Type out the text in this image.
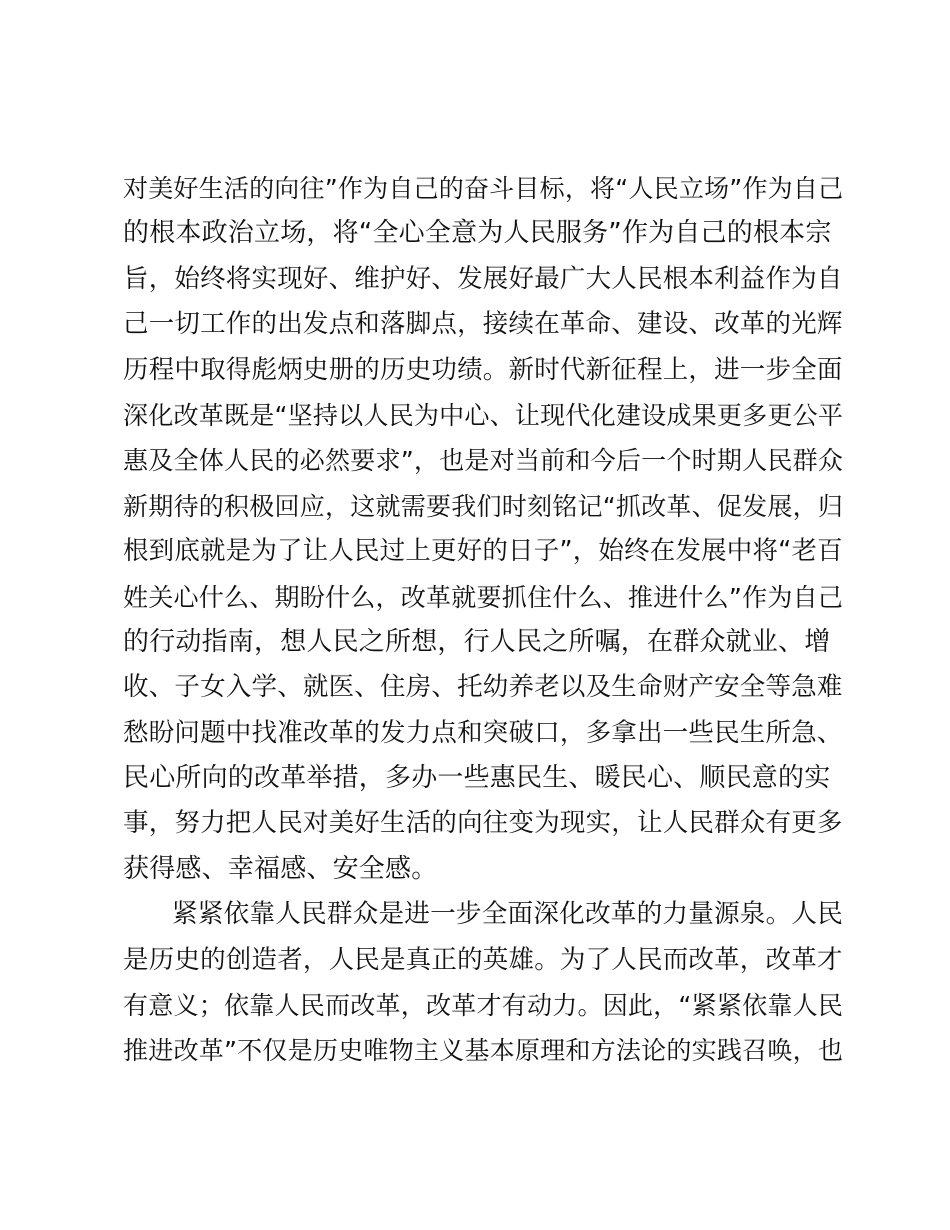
对美好生活的向往”作为自己的奋斗目标，将“人民立场”作为自己
的根本政治立场，将“全心全意为人民服务”作为自己的根本宗
旨，始终将实现好、维护好、发展好最广大人民根本利益作为自
己一切工作的出发点和落脚点，接续在革命、建设、改革的光辉
历程中取得彪炳史册的历史功绩。新时代新征程上，进一步全面
深化改革既是“坚持以人民为中心、让现代化建设成果更多更公平
惠及全体人民的必然要求”，也是对当前和今后一个时期人民群众
新期待的积极回应，这就需要我们时刻铭记“抓改革、促发展，归
根到底就是为了让人民过上更好的日子”，始终在发展中将“老百
姓关心什么、期盼什么，改革就要抓住什么、推进什么”作为自己
的行动指南，想人民之所想，行人民之所嘱，在群众就业、增
收、子女入学、就医、住房、托幼养老以及生命财产安全等急难
愁盼问题中找准改革的发力点和突破口，多拿出一些民生所急、
民心所向的改革举措，多办一些惠民生、暖民心、顺民意的实
事，努力把人民对美好生活的向往变为现实，让人民群众有更多
获得感、幸福感、安全感。
紧紧依靠人民群众是进一步全面深化改革的力量源泉。人民
是历史的创造者，人民是真正的英雄。为了人民而改革，改革才
有意义；依靠人民而改革，改革才有动力。因此，“紧紧依靠人民
推进改革”不仅是历史唯物主义基本原理和方法论的实践召唤，也
